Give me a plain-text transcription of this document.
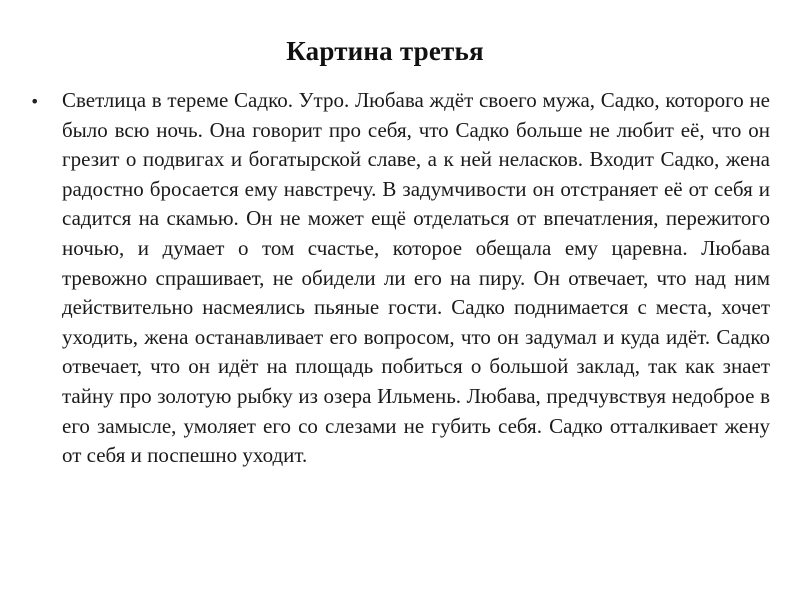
Картина третья
• Светлица в тереме Садко. Утро. Любава ждёт своего мужа, Садко, которого не было всю ночь. Она говорит про себя, что Садко больше не любит её, что он грезит о подвигах и богатырской славе, а к ней неласков. Входит Садко, жена радостно бросается ему навстречу. В задумчивости он отстраняет её от себя и садится на скамью. Он не может ещё отделаться от впечатления, пережитого ночью, и думает о том счастье, которое обещала ему царевна. Любава тревожно спрашивает, не обидели ли его на пиру. Он отвечает, что над ним действительно насмеялись пьяные гости. Садко поднимается с места, хочет уходить, жена останавливает его вопросом, что он задумал и куда идёт. Садко отвечает, что он идёт на площадь побиться о большой заклад, так как знает тайну про золотую рыбку из озера Ильмень. Любава, предчувствуя недоброе в его замысле, умоляет его со слезами не губить себя. Садко отталкивает жену от себя и поспешно уходит.
